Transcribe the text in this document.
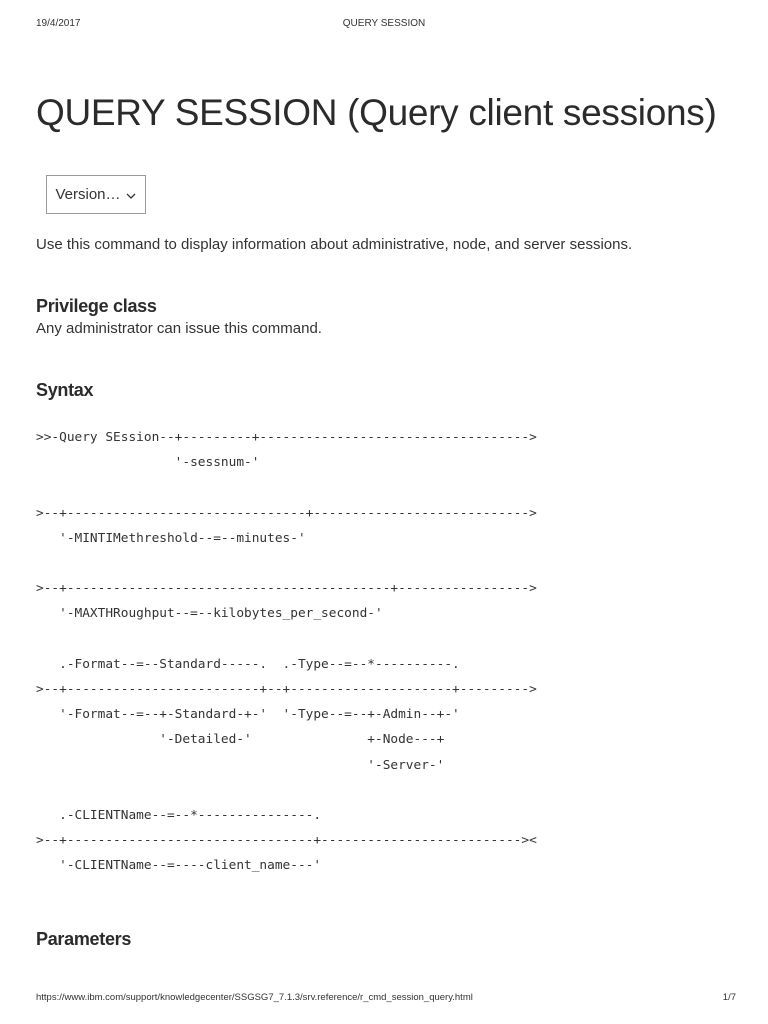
19/4/2017	QUERY SESSION
QUERY SESSION (Query client sessions)
Version…

Use this command to display information about administrative, node, and server sessions.

Privilege class

Any administrator can issue this command.

Syntax
>>-Query SEssion--+---------+----------------------------------->
'-sessnum-'

>--+-------------------------------+---------------------------->
'-MINTIMethreshold--=--minutes-'

>--+------------------------------------------+----------------->
'-MAXTHRoughput--=--kilobytes_per_second-'

.-Format--=--Standard-----.  .-Type--=--*----------.
>--+-------------------------+--+---------------------+--------->
'-Format--=--+-Standard-+-'  '-Type--=--+-Admin--+-'
'-Detailed-'               +-Node---+
'-Server-'

.-CLIENTName--=--*---------------.
>--+--------------------------------+--------------------------><
'-CLIENTName--=----client_name---'
Parameters
https://www.ibm.com/support/knowledgecenter/SSGSG7_7.1.3/srv.reference/r_cmd_session_query.html	1/7
